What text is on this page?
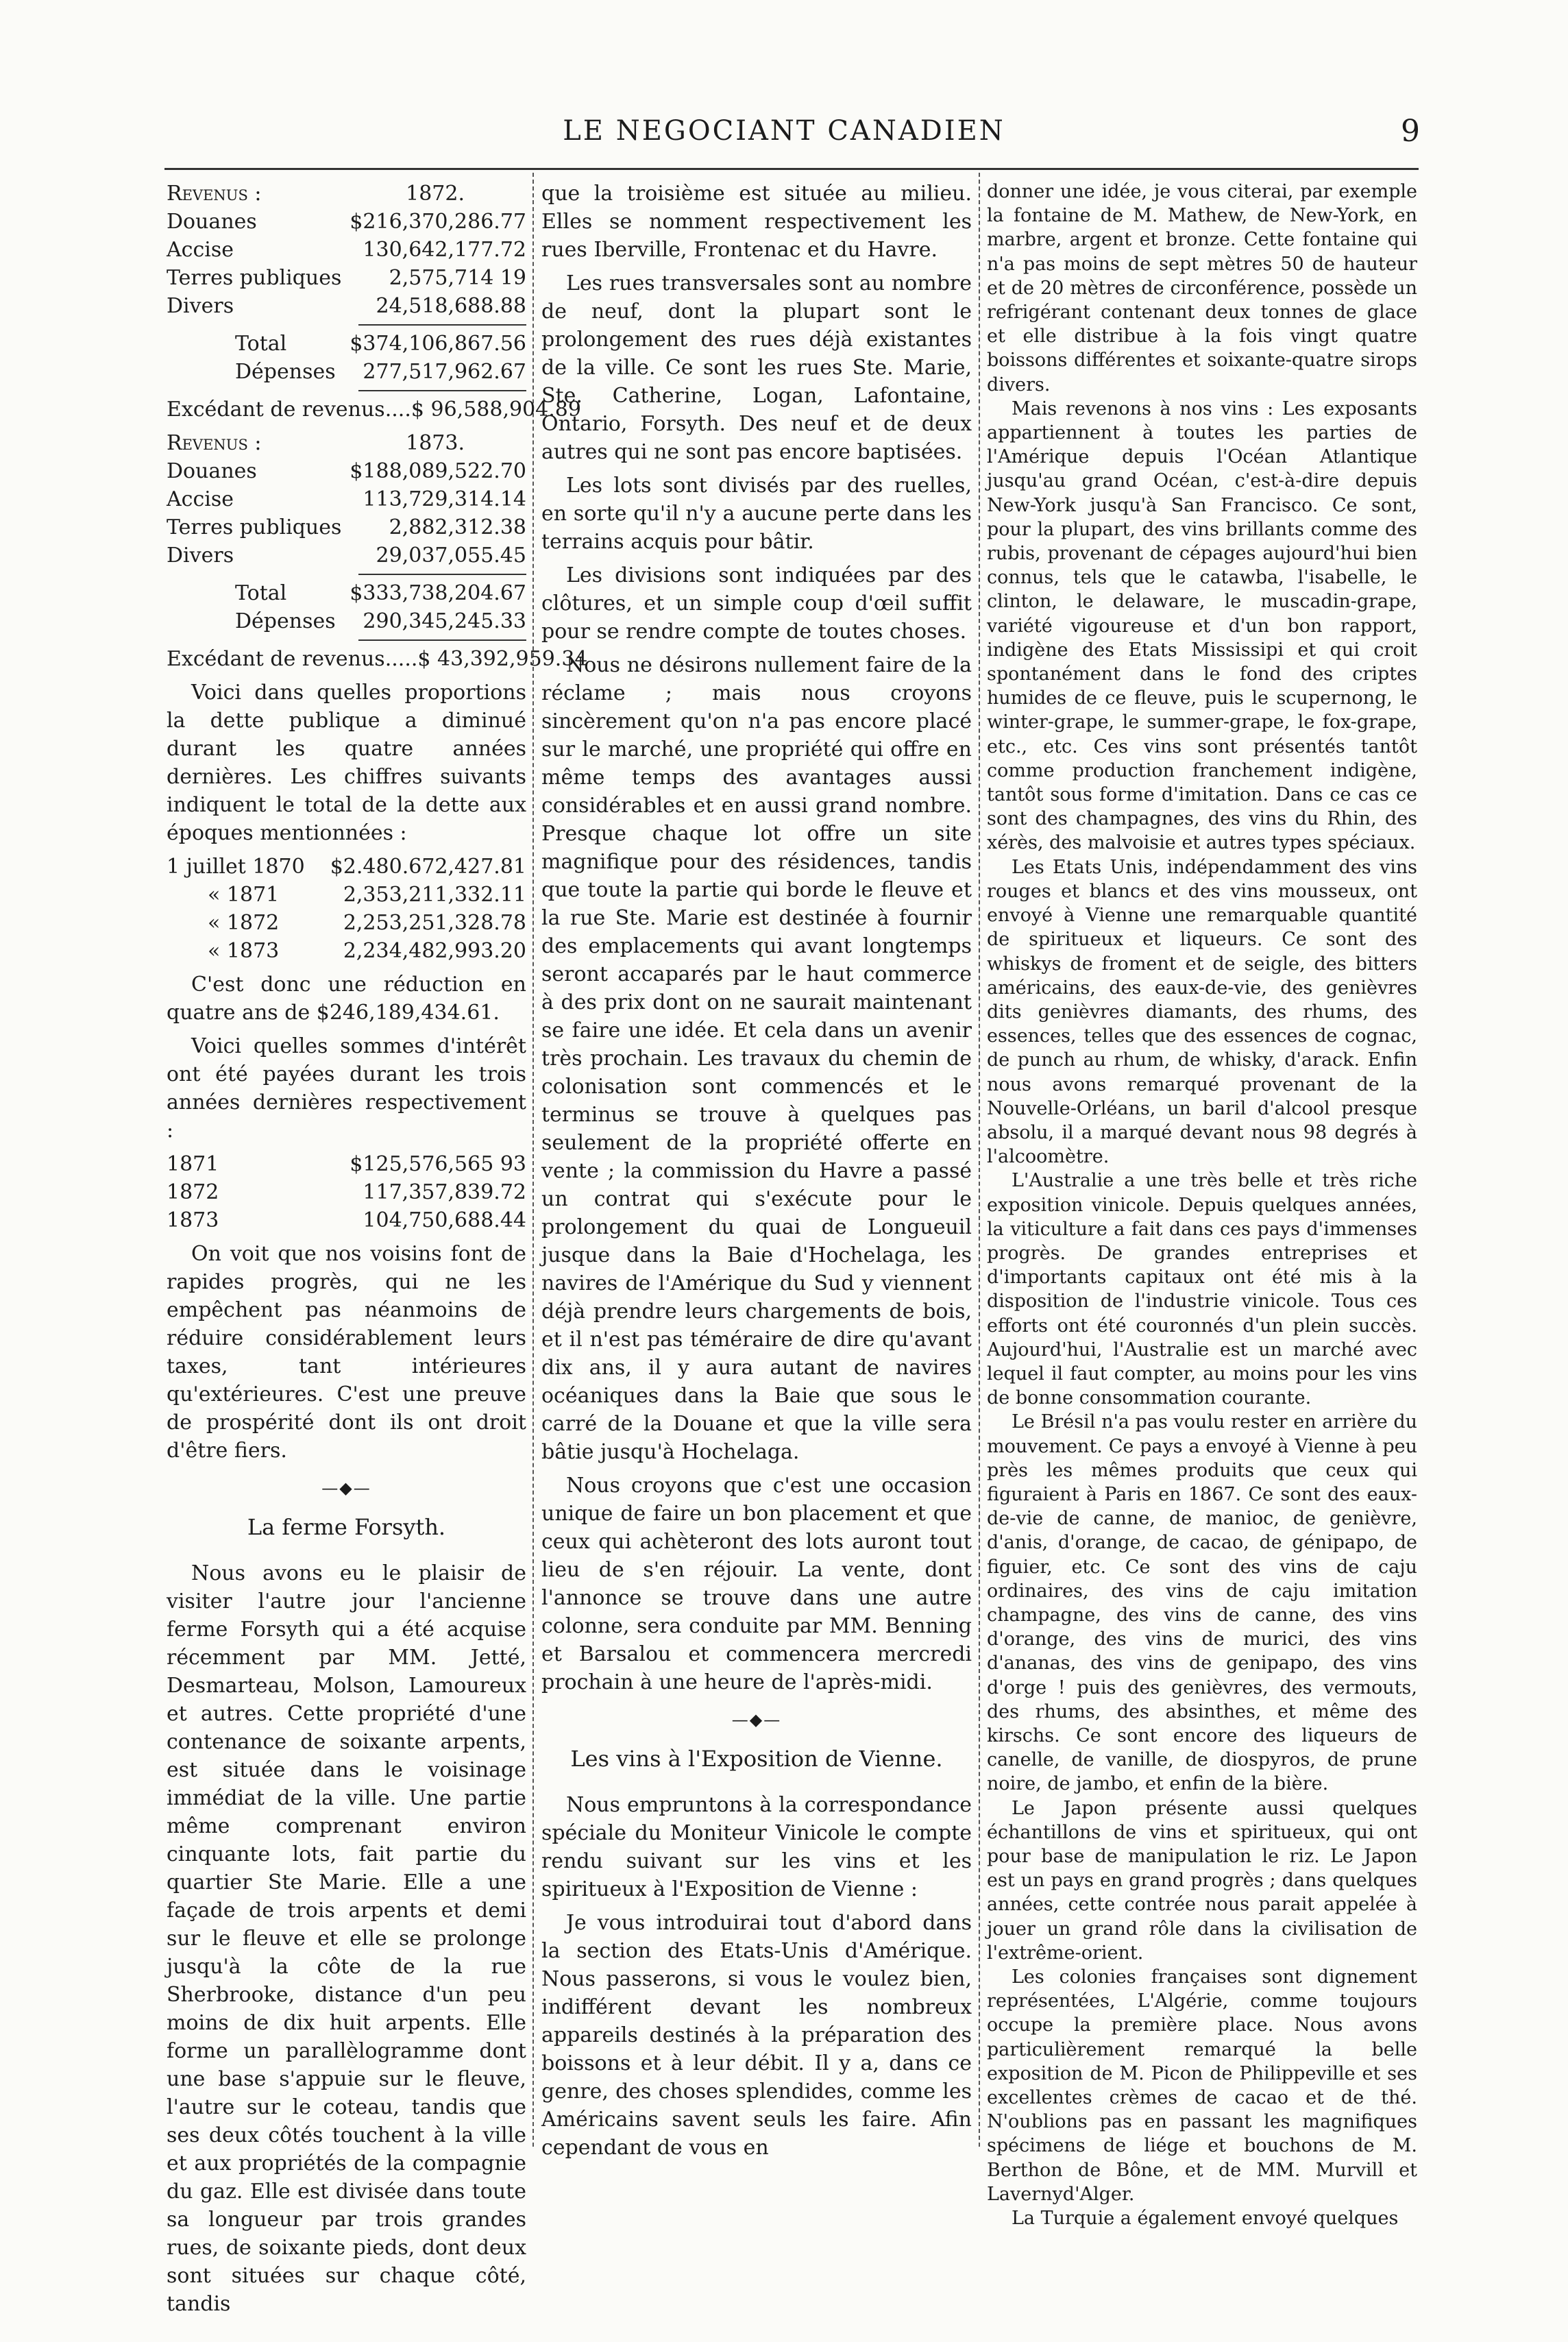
LE NEGOCIANT CANADIEN	9
Revenus :	1872.
Douanes	$216,370,286.77
Accise	130,642,177.72
Terres publiques 2,575,714 19
Divers	24,518,688.88
Total	$374,106,867.56
Dépenses 277,517,962.67
Excédant de revenus.... $ 96,588,904.89
Revenus :	1873.
Douanes	$188,089,522.70
Accise	113,729,314.14
Terres publiques 2,882,312.38
Divers	29,037,055.45
Total	$333,738,204.67
Dépenses 290,345,245.33
Excédant de revenus..... $ 43,392,959.34

Voici dans quelles proportions la dette publique a diminué durant les quatre années dernières. Les chiffres suivants indiquent le total de la dette aux époques mentionnées :

1 juillet 1870 $2.480.672,427.81
« 1871	2,353,211,332.11
« 1872	2,253,251,328.78
« 1873	2,234,482,993.20

C'est donc une réduction en quatre ans de $246,189,434.61.

Voici quelles sommes d'intérêt ont été payées durant les trois années dernières respectivement :

1871	$125,576,565 93
1872	117,357,839.72
1873	104,750,688.44

On voit que nos voisins font de rapides progrès, qui ne les empêchent pas néanmoins de réduire considérablement leurs taxes, tant intérieures qu'extérieures. C'est une preuve de prospérité dont ils ont droit d'être fiers.

—◆—
La ferme Forsyth.

Nous avons eu le plaisir de visiter l'autre jour l'ancienne ferme Forsyth qui a été acquise récemment par MM. Jetté, Desmarteau, Molson, Lamoureux et autres. Cette propriété d'une contenance de soixante arpents, est située dans le voisinage immédiat de la ville. Une partie même comprenant environ cinquante lots, fait partie du quartier Ste Marie. Elle a une façade de trois arpents et demi sur le fleuve et elle se prolonge jusqu'à la côte de la rue Sherbrooke, distance d'un peu moins de dix huit arpents. Elle forme un parallèlogramme dont une base s'appuie sur le fleuve, l'autre sur le coteau, tandis que ses deux côtés touchent à la ville et aux propriétés de la compagnie du gaz. Elle est divisée dans toute sa longueur par trois grandes rues, de soixante pieds, dont deux sont situées sur chaque côté, tandis

que la troisième est située au milieu. Elles se nomment respectivement les rues Iberville, Frontenac et du Havre.

Les rues transversales sont au nombre de neuf, dont la plupart sont le prolongement des rues déjà existantes de la ville. Ce sont les rues Ste. Marie, Ste. Catherine, Logan, Lafontaine, Ontario, Forsyth. Des neuf et de deux autres qui ne sont pas encore baptisées.

Les lots sont divisés par des ruelles, en sorte qu'il n'y a aucune perte dans les terrains acquis pour bâtir.

Les divisions sont indiquées par des clôtures, et un simple coup d'œil suffit pour se rendre compte de toutes choses.

Nous ne désirons nullement faire de la réclame ; mais nous croyons sincèrement qu'on n'a pas encore placé sur le marché, une propriété qui offre en même temps des avantages aussi considérables et en aussi grand nombre. Presque chaque lot offre un site magnifique pour des résidences, tandis que toute la partie qui borde le fleuve et la rue Ste. Marie est destinée à fournir des emplacements qui avant longtemps seront accaparés par le haut commerce à des prix dont on ne saurait maintenant se faire une idée. Et cela dans un avenir très prochain. Les travaux du chemin de colonisation sont commencés et le terminus se trouve à quelques pas seulement de la propriété offerte en vente ; la commission du Havre a passé un contrat qui s'exécute pour le prolongement du quai de Longueuil jusque dans la Baie d'Hochelaga, les navires de l'Amérique du Sud y viennent déjà prendre leurs chargements de bois, et il n'est pas téméraire de dire qu'avant dix ans, il y aura autant de navires océaniques dans la Baie que sous le carré de la Douane et que la ville sera bâtie jusqu'à Hochelaga.

Nous croyons que c'est une occasion unique de faire un bon placement et que ceux qui achèteront des lots auront tout lieu de s'en réjouir. La vente, dont l'annonce se trouve dans une autre colonne, sera conduite par MM. Benning et Barsalou et commencera mercredi prochain à une heure de l'après-midi.

—◆—
Les vins à l'Exposition de Vienne.

Nous empruntons à la correspondance spéciale du Moniteur Vinicole le compte rendu suivant sur les vins et les spiritueux à l'Exposition de Vienne :

Je vous introduirai tout d'abord dans la section des Etats-Unis d'Amérique. Nous passerons, si vous le voulez bien, indifférent devant les nombreux appareils destinés à la préparation des boissons et à leur débit. Il y a, dans ce genre, des choses splendides, comme les Américains savent seuls les faire. Afin cependant de vous en

donner une idée, je vous citerai, par exemple la fontaine de M. Mathew, de New-York, en marbre, argent et bronze. Cette fontaine qui n'a pas moins de sept mètres 50 de hauteur et de 20 mètres de circonférence, possède un refrigérant contenant deux tonnes de glace et elle distribue à la fois vingt quatre boissons différentes et soixante-quatre sirops divers.

Mais revenons à nos vins : Les exposants appartiennent à toutes les parties de l'Amérique depuis l'Océan Atlantique jusqu'au grand Océan, c'est-à-dire depuis New-York jusqu'à San Francisco. Ce sont, pour la plupart, des vins brillants comme des rubis, provenant de cépages aujourd'hui bien connus, tels que le catawba, l'isabelle, le clinton, le delaware, le muscadin-grape, variété vigoureuse et d'un bon rapport, indigène des Etats Mississipi et qui croit spontanément dans le fond des criptes humides de ce fleuve, puis le scupernong, le winter-grape, le summer-grape, le fox-grape, etc., etc. Ces vins sont présentés tantôt comme production franchement indigène, tantôt sous forme d'imitation. Dans ce cas ce sont des champagnes, des vins du Rhin, des xérès, des malvoisie et autres types spéciaux.

Les Etats Unis, indépendamment des vins rouges et blancs et des vins mousseux, ont envoyé à Vienne une remarquable quantité de spiritueux et liqueurs. Ce sont des whiskys de froment et de seigle, des bitters américains, des eaux-de-vie, des genièvres dits genièvres diamants, des rhums, des essences, telles que des essences de cognac, de punch au rhum, de whisky, d'arack. Enfin nous avons remarqué provenant de la Nouvelle-Orléans, un baril d'alcool presque absolu, il a marqué devant nous 98 degrés à l'alcoomètre.

L'Australie a une très belle et très riche exposition vinicole. Depuis quelques années, la viticulture a fait dans ces pays d'immenses progrès. De grandes entreprises et d'importants capitaux ont été mis à la disposition de l'industrie vinicole. Tous ces efforts ont été couronnés d'un plein succès. Aujourd'hui, l'Australie est un marché avec lequel il faut compter, au moins pour les vins de bonne consommation courante.

Le Brésil n'a pas voulu rester en arrière du mouvement. Ce pays a envoyé à Vienne à peu près les mêmes produits que ceux qui figuraient à Paris en 1867. Ce sont des eaux-de-vie de canne, de manioc, de genièvre, d'anis, d'orange, de cacao, de génipapo, de figuier, etc. Ce sont des vins de caju ordinaires, des vins de caju imitation champagne, des vins de canne, des vins d'orange, des vins de murici, des vins d'ananas, des vins de genipapo, des vins d'orge ! puis des genièvres, des vermouts, des rhums, des absinthes, et même des kirschs. Ce sont encore des liqueurs de canelle, de vanille, de diospyros, de prune noire, de jambo, et enfin de la bière.

Le Japon présente aussi quelques échantillons de vins et spiritueux, qui ont pour base de manipulation le riz. Le Japon est un pays en grand progrès ; dans quelques années, cette contrée nous parait appelée à jouer un grand rôle dans la civilisation de l'extrême-orient.

Les colonies françaises sont dignement représentées, L'Algérie, comme toujours occupe la première place. Nous avons particulièrement remarqué la belle exposition de M. Picon de Philippeville et ses excellentes crèmes de cacao et de thé. N'oublions pas en passant les magnifiques spécimens de liége et bouchons de M. Berthon de Bône, et de MM. Murvill et Lavernyd'Alger.

La Turquie a également envoyé quelques
